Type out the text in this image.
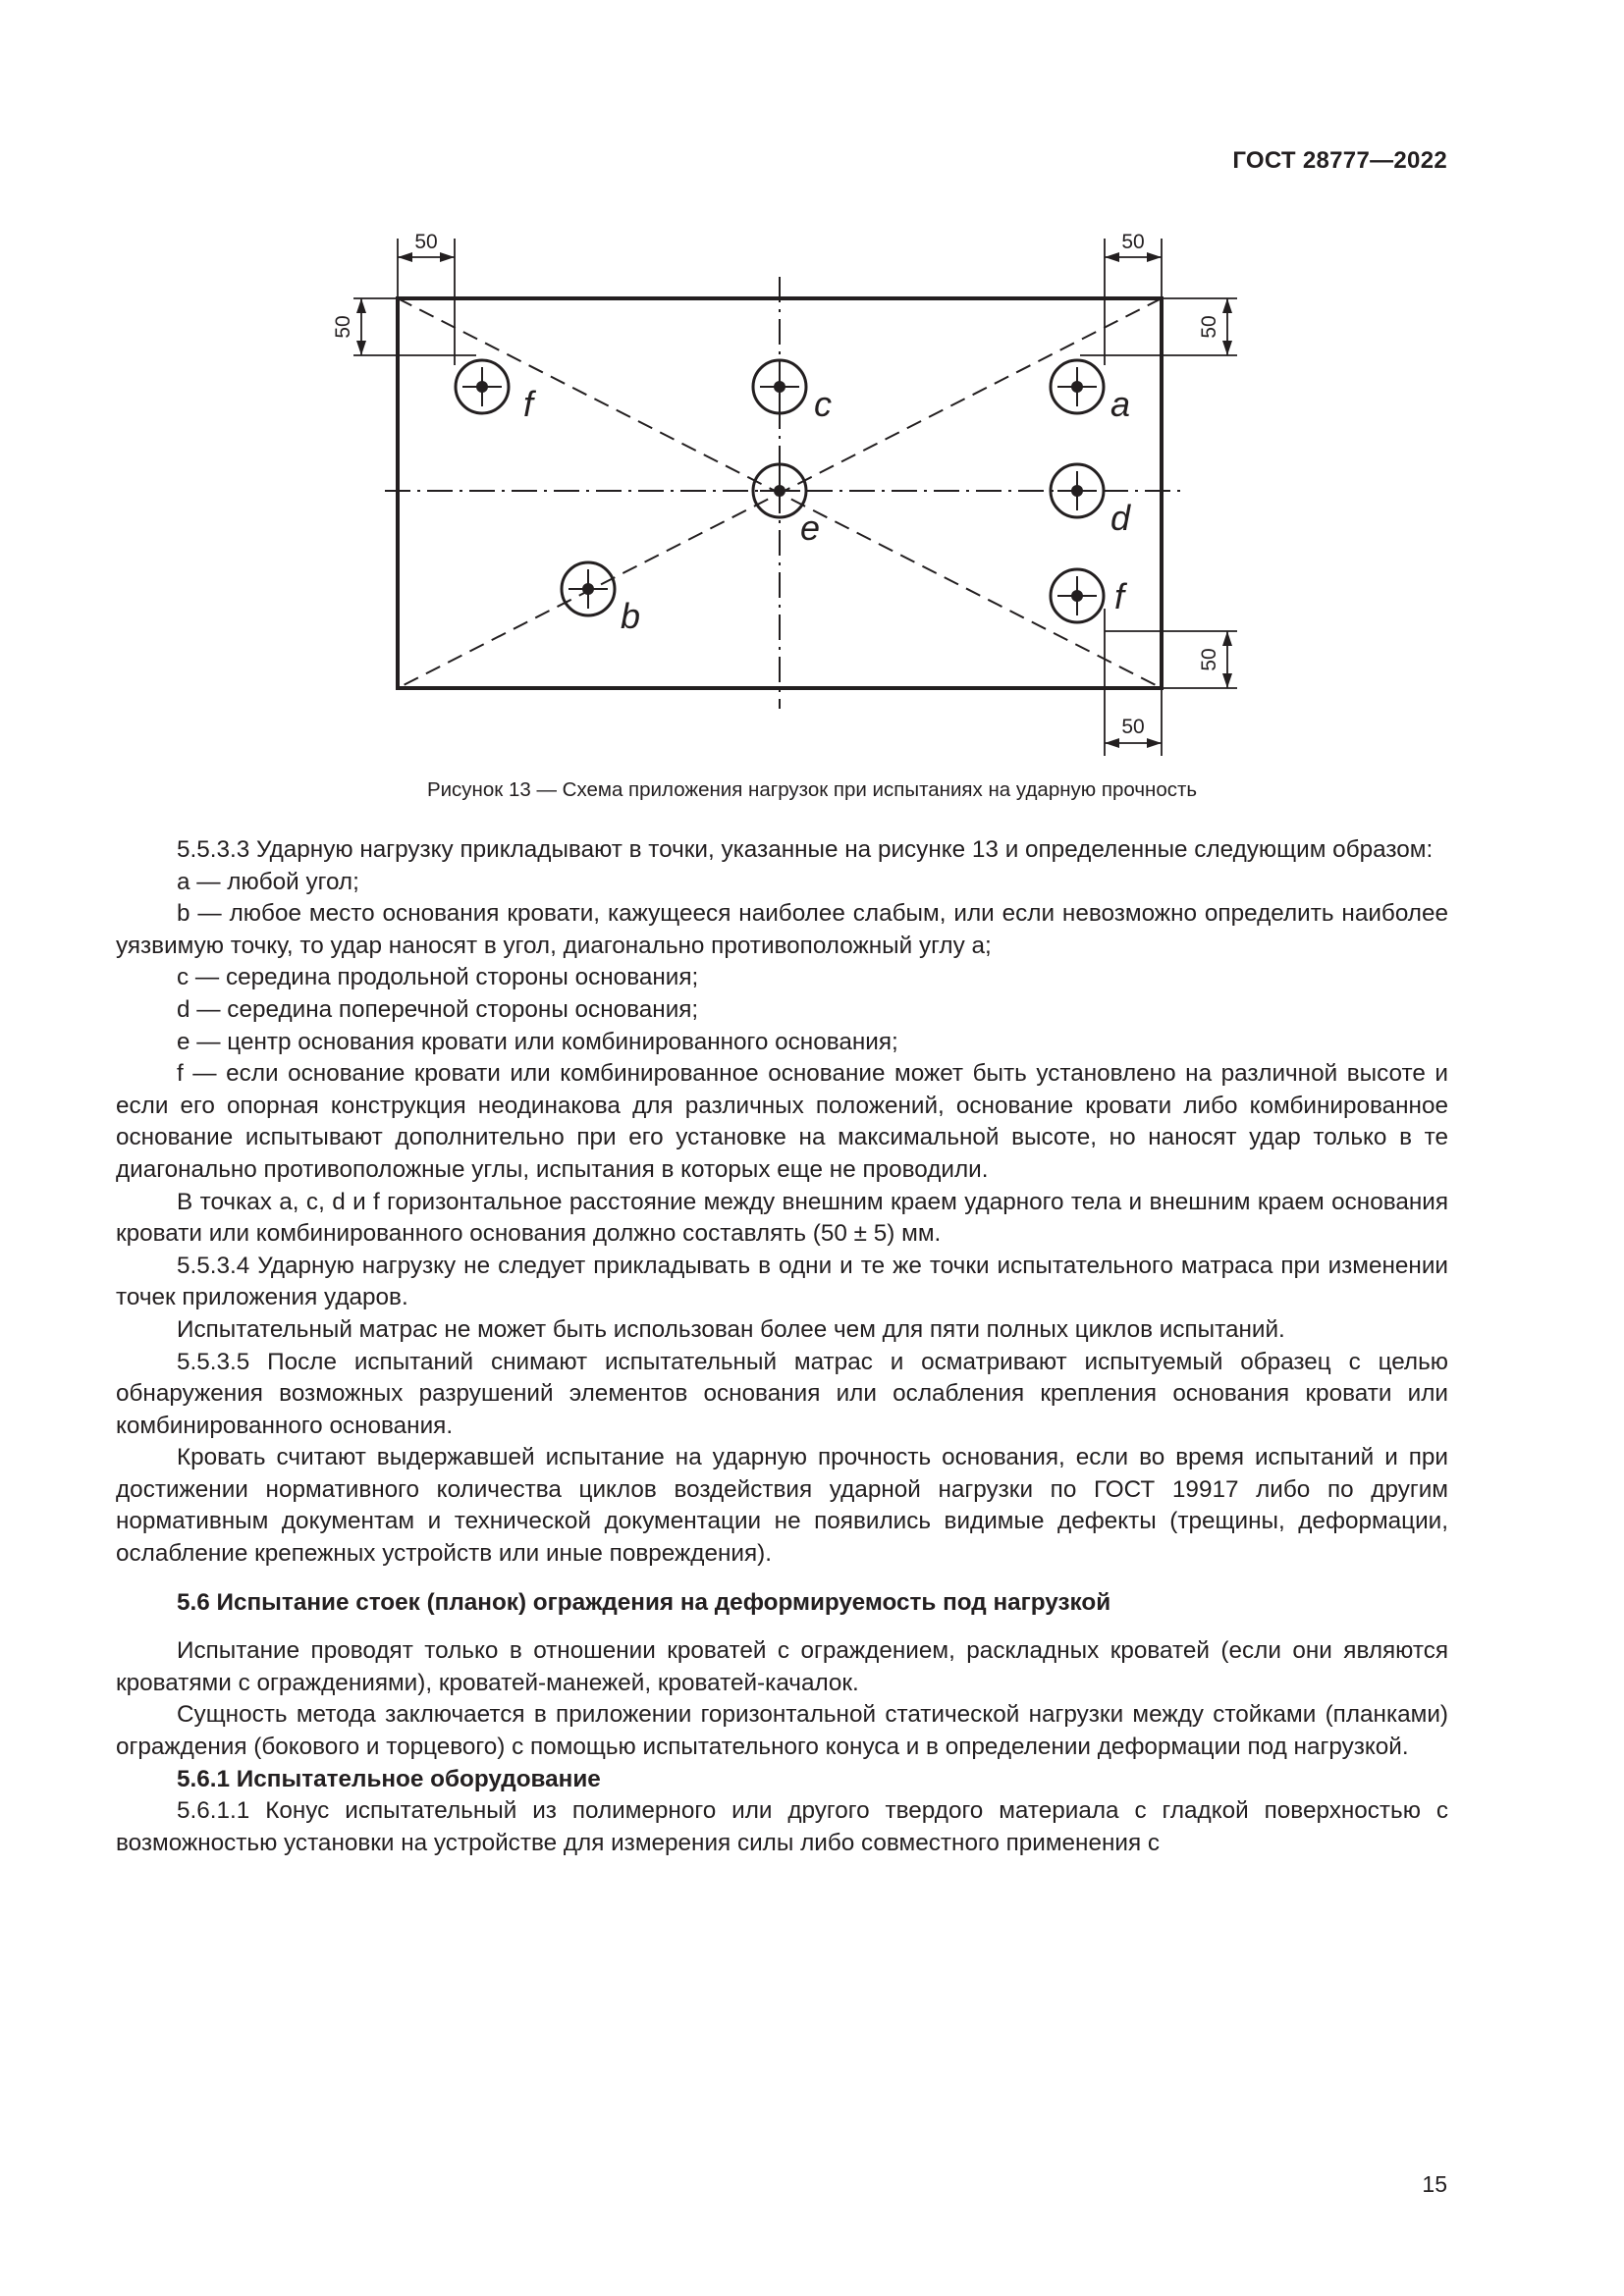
ГОСТ 28777—2022
50	50
50	50
50
50
f	c	a
e	d
b	f
Рисунок 13 — Схема приложения нагрузок при испытаниях на ударную прочность

5.5.3.3 Ударную нагрузку прикладывают в точки, указанные на рисунке 13 и определенные следующим образом:

а — любой угол;

b — любое место основания кровати, кажущееся наиболее слабым, или если невозможно определить наиболее уязвимую точку, то удар наносят в угол, диагонально противоположный углу а;

с — середина продольной стороны основания;

d — середина поперечной стороны основания;

е — центр основания кровати или комбинированного основания;

f — если основание кровати или комбинированное основание может быть установлено на различной высоте и если его опорная конструкция неодинакова для различных положений, основание кровати либо комбинированное основание испытывают дополнительно при его установке на максимальной высоте, но наносят удар только в те диагонально противоположные углы, испытания в которых еще не проводили.

В точках а, с, d и f горизонтальное расстояние между внешним краем ударного тела и внешним краем основания кровати или комбинированного основания должно составлять (50 ± 5) мм.

5.5.3.4 Ударную нагрузку не следует прикладывать в одни и те же точки испытательного матраса при изменении точек приложения ударов.

Испытательный матрас не может быть использован более чем для пяти полных циклов испытаний.

5.5.3.5 После испытаний снимают испытательный матрас и осматривают испытуемый образец с целью обнаружения возможных разрушений элементов основания или ослабления крепления основания кровати или комбинированного основания.

Кровать считают выдержавшей испытание на ударную прочность основания, если во время испытаний и при достижении нормативного количества циклов воздействия ударной нагрузки по ГОСТ 19917 либо по другим нормативным документам и технической документации не появились видимые дефекты (трещины, деформации, ослабление крепежных устройств или иные повреждения).

5.6 Испытание стоек (планок) ограждения на деформируемость под нагрузкой

Испытание проводят только в отношении кроватей с ограждением, раскладных кроватей (если они являются кроватями с ограждениями), кроватей-манежей, кроватей-качалок.

Сущность метода заключается в приложении горизонтальной статической нагрузки между стойками (планками) ограждения (бокового и торцевого) с помощью испытательного конуса и в определении деформации под нагрузкой.

5.6.1 Испытательное оборудование

5.6.1.1 Конус испытательный из полимерного или другого твердого материала с гладкой поверхностью с возможностью установки на устройстве для измерения силы либо совместного применения с

15
